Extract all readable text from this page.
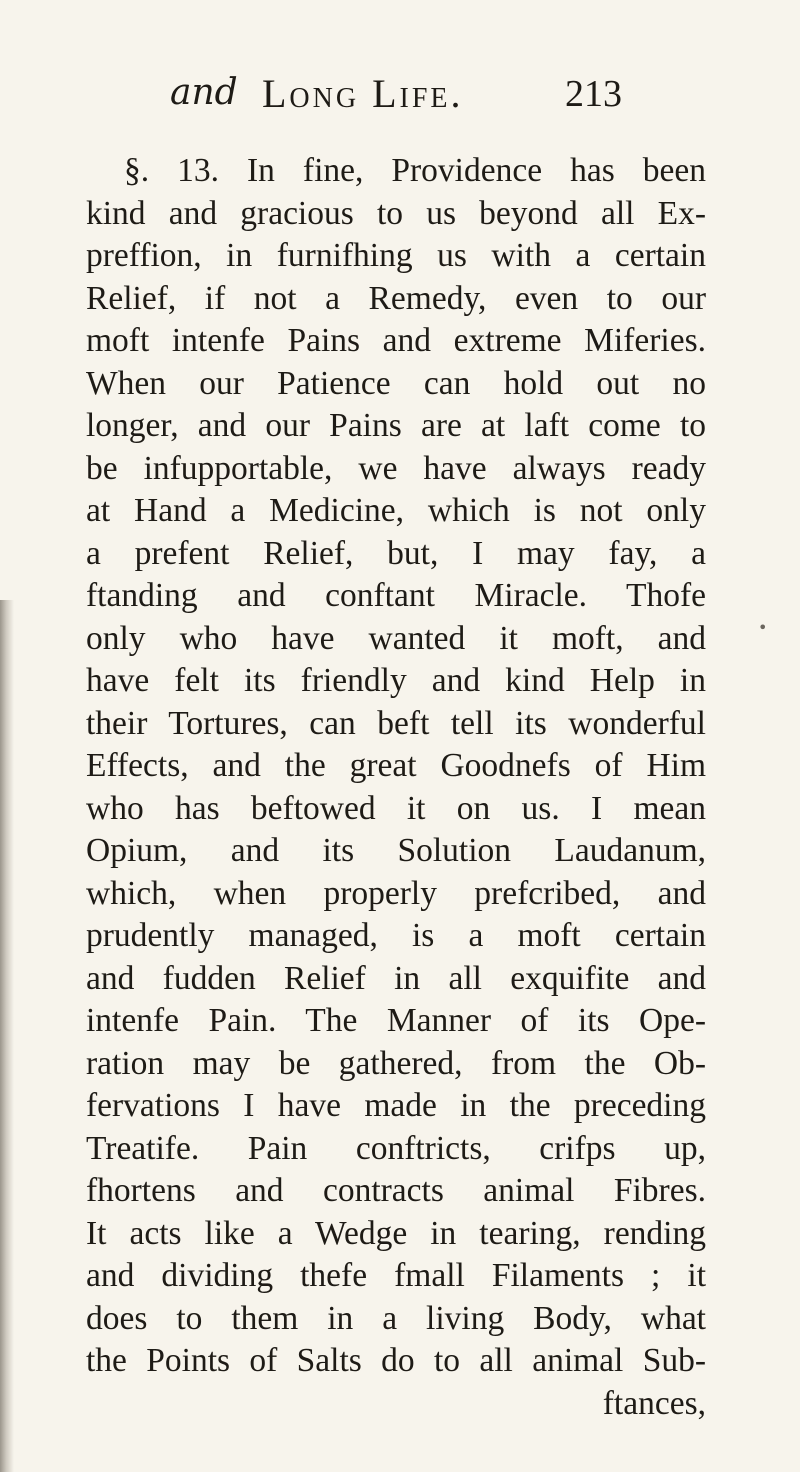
and Long Life.	213
§. 13. In fine, Providence has been
kind and gracious to us beyond all Ex-
preffion, in furnifhing us with a certain
Relief, if not a Remedy, even to our
moft intenfe Pains and extreme Miferies.
When our Patience can hold out no
longer, and our Pains are at laft come to
be infupportable, we have always ready
at Hand a Medicine, which is not only
a prefent Relief, but, I may fay, a
ftanding and conftant Miracle. Thofe
only who have wanted it moft, and
have felt its friendly and kind Help in
their Tortures, can beft tell its wonderful
Effects, and the great Goodnefs of Him
who has beftowed it on us. I mean
Opium, and its Solution Laudanum,
which, when properly prefcribed, and
prudently managed, is a moft certain
and fudden Relief in all exquifite and
intenfe Pain. The Manner of its Ope-
ration may be gathered, from the Ob-
fervations I have made in the preceding
Treatife. Pain conftricts, crifps up,
fhortens and contracts animal Fibres.
It acts like a Wedge in tearing, rending
and dividing thefe fmall Filaments ; it
does to them in a living Body, what
the Points of Salts do to all animal Sub-
ftances,
•
